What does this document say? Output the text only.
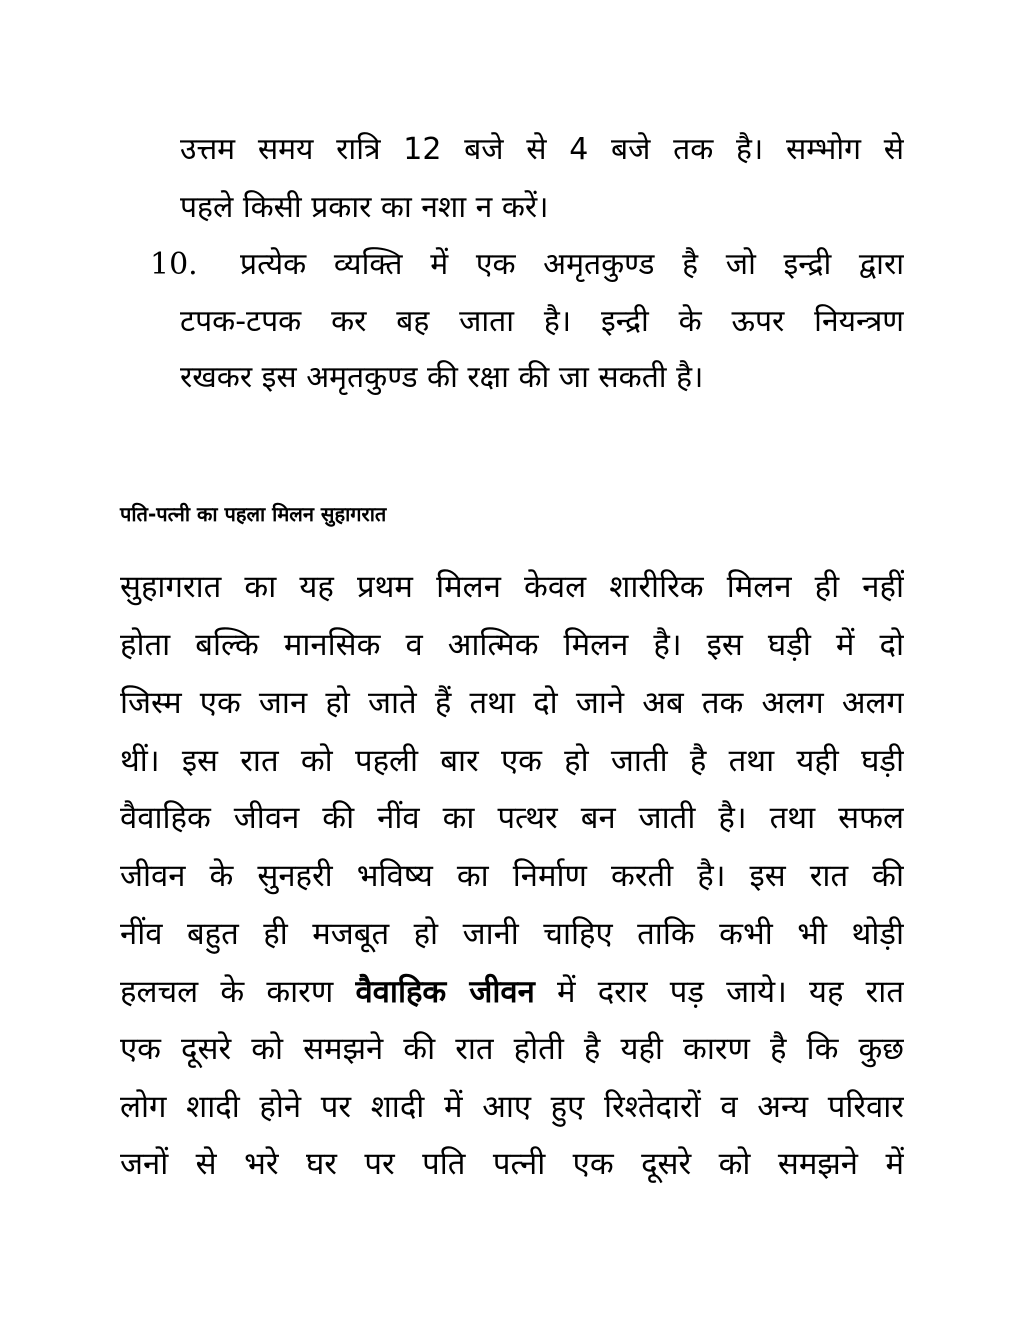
उत्तम समय रात्रि 12 बजे से 4 बजे तक है। सम्भोग से
पहले किसी प्रकार का नशा न करें।
10. प्रत्येक व्यक्ति में एक अमृतकुण्ड है जो इन्द्री द्वारा
टपक-टपक कर बह जाता है। इन्द्री के ऊपर नियन्त्रण
रखकर इस अमृतकुण्ड की रक्षा की जा सकती है।
पति-पत्नी का पहला मिलन सुहागरात
सुहागरात का यह प्रथम मिलन केवल शारीरिक मिलन ही नहीं
होता बल्कि मानसिक व आत्मिक मिलन है। इस घड़ी में दो
जिस्म एक जान हो जाते हैं तथा दो जाने अब तक अलग अलग
थीं। इस रात को पहली बार एक हो जाती है तथा यही घड़ी
वैवाहिक जीवन की नींव का पत्थर बन जाती है। तथा सफल
जीवन के सुनहरी भविष्य का निर्माण करती है। इस रात की
नींव बहुत ही मजबूत हो जानी चाहिए ताकि कभी भी थोड़ी
हलचल के कारण वैवाहिक जीवन में दरार पड़ जाये। यह रात
एक दूसरे को समझने की रात होती है यही कारण है कि कुछ
लोग शादी होने पर शादी में आए हुए रिश्तेदारों व अन्य परिवार
जनों से भरे घर पर पति पत्नी एक दूसरे को समझने में
